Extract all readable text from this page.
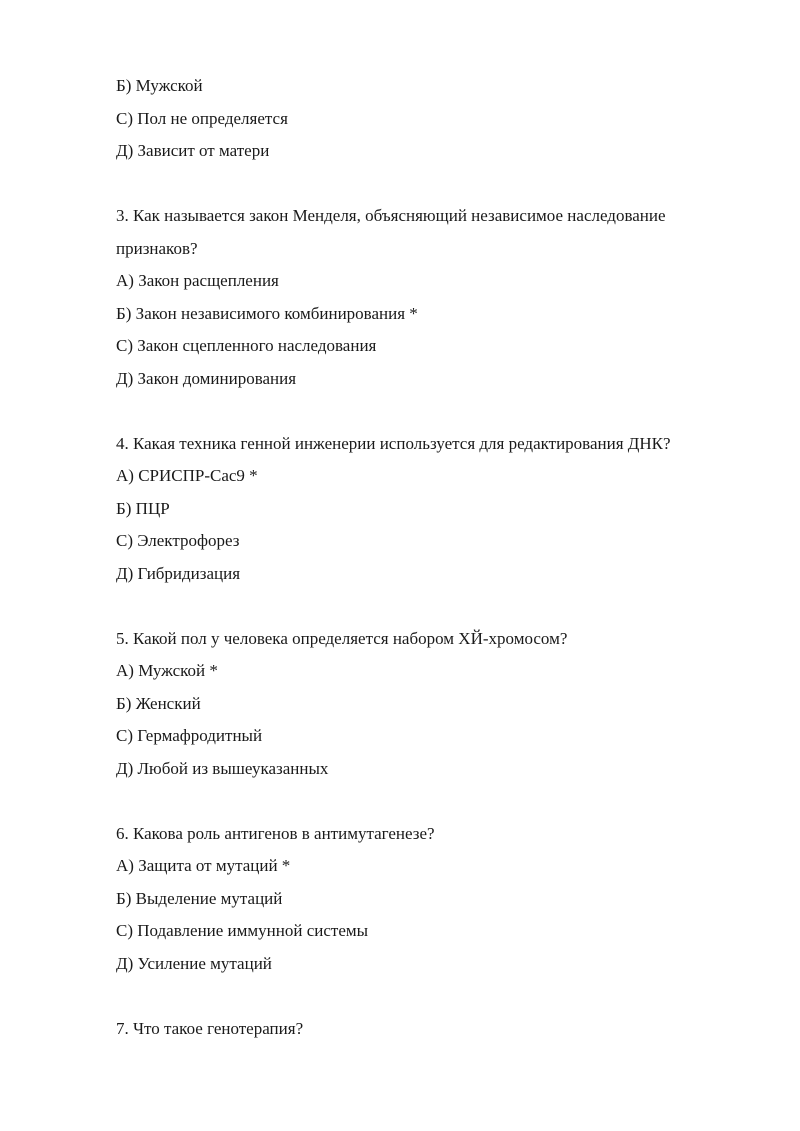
Б) Мужской
С) Пол не определяется
Д) Зависит от матери
3. Как называется закон Менделя, объясняющий независимое наследование
признаков?
А) Закон расщепления
Б) Закон независимого комбинирования *
С) Закон сцепленного наследования
Д) Закон доминирования
4. Какая техника генной инженерии используется для редактирования ДНК?
А) СРИСПР-Сас9 *
Б) ПЦР
С) Электрофорез
Д) Гибридизация
5. Какой пол у человека определяется набором ХЙ-хромосом?
А) Мужской *
Б) Женский
С) Гермафродитный
Д) Любой из вышеуказанных
6. Какова роль антигенов в антимутагенезе?
А) Защита от мутаций *
Б) Выделение мутаций
С) Подавление иммунной системы
Д) Усиление мутаций
7. Что такое генотерапия?
